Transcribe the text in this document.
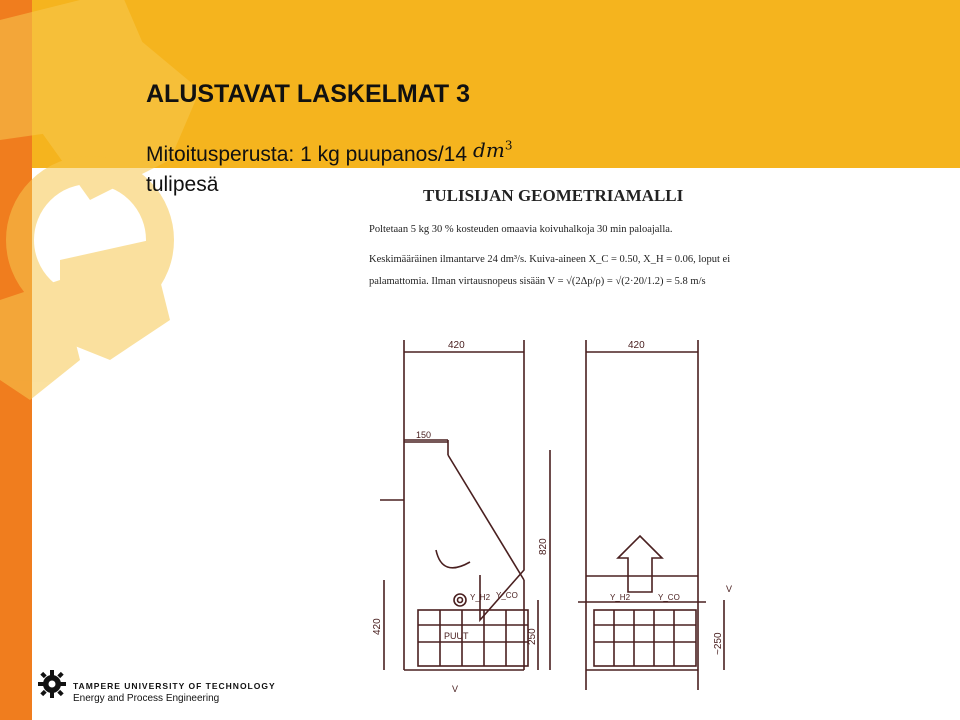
ALUSTAVAT LASKELMAT 3
Mitoitusperusta: 1 kg puupanos/14 $dm^3$
tulipesä	TULISIJAN GEOMETRIAMALLI
Poltetaan 5 kg 30 % kosteuden omaavia koivuhalkoja 30 min paloajalla.
Keskimääräinen ilmantarve 24 dm³/s. Kuiva-aineen X_C = 0.50, X_H = 0.06, loput ei
palamattomia. Ilman virtausnopeus sisään V = √(2Δp/ρ) = √(2·20/1.2) = 5.8 m/s
420	420
150
820
420
250	~250
Y_H2 Y_CO	Y_H2	Y_CO
PUUT
V
V
TAMPERE UNIVERSITY OF TECHNOLOGY
Energy and Process Engineering
